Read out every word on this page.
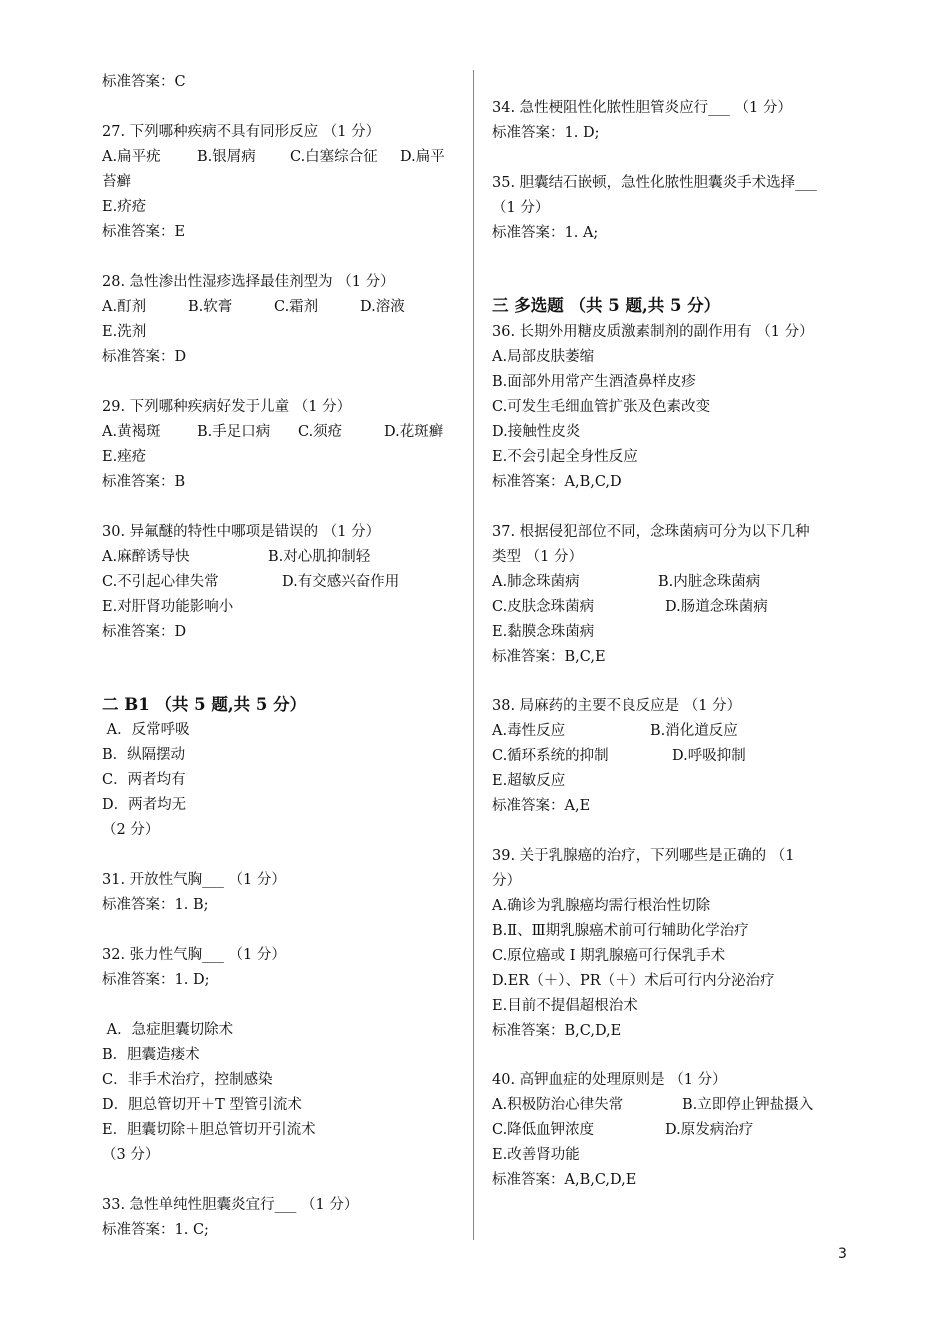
标准答案：C
27. 下列哪种疾病不具有同形反应 （1 分）
A.扁平疣	B.银屑病 C.白塞综合征 D.扁平
苔癣
E.疥疮
标准答案：E
28. 急性渗出性湿疹选择最佳剂型为 （1 分）
A.酊剂	B.软膏	C.霜剂	D.溶液
E.洗剂
标准答案：D
29. 下列哪种疾病好发于儿童 （1 分）
A.黄褐斑	B.手足口病 C.须疮	D.花斑癣
E.痤疮
标准答案：B
30. 异氟醚的特性中哪项是错误的 （1 分）
A.麻醉诱导快	B.对心肌抑制轻
C.不引起心律失常	D.有交感兴奋作用
E.对肝肾功能影响小
标准答案：D
二 B1 （共 5 题,共 5 分）
A．反常呼吸
B．纵隔摆动
C．两者均有
D．两者均无
（2 分）
31. 开放性气胸___ （1 分）
标准答案：1. B;
32. 张力性气胸___ （1 分）
标准答案：1. D;
A．急症胆囊切除术
B．胆囊造瘘术
C．非手术治疗，控制感染
D．胆总管切开＋T 型管引流术
E．胆囊切除＋胆总管切开引流术
（3 分）
33. 急性单纯性胆囊炎宜行___ （1 分）
标准答案：1. C;
34. 急性梗阻性化脓性胆管炎应行___ （1 分）
标准答案：1. D;
35. 胆囊结石嵌顿，急性化脓性胆囊炎手术选择___
（1 分）
标准答案：1. A;
三 多选题 （共 5 题,共 5 分）
36. 长期外用糖皮质激素制剂的副作用有 （1 分）
A.局部皮肤萎缩
B.面部外用常产生酒渣鼻样皮疹
C.可发生毛细血管扩张及色素改变
D.接触性皮炎
E.不会引起全身性反应
标准答案：A,B,C,D
37. 根据侵犯部位不同，念珠菌病可分为以下几种
类型 （1 分）
A.肺念珠菌病	B.内脏念珠菌病
C.皮肤念珠菌病	D.肠道念珠菌病
E.黏膜念珠菌病
标准答案：B,C,E
38. 局麻药的主要不良反应是 （1 分）
A.毒性反应	B.消化道反应
C.循环系统的抑制	D.呼吸抑制
E.超敏反应
标准答案：A,E
39. 关于乳腺癌的治疗，下列哪些是正确的 （1
分）
A.确诊为乳腺癌均需行根治性切除
B.Ⅱ、Ⅲ期乳腺癌术前可行辅助化学治疗
C.原位癌或 I 期乳腺癌可行保乳手术
D.ER（＋）、PR（＋）术后可行内分泌治疗
E.目前不提倡超根治术
标准答案：B,C,D,E
40. 高钾血症的处理原则是 （1 分）
A.积极防治心律失常	B.立即停止钾盐摄入
C.降低血钾浓度	D.原发病治疗
E.改善肾功能
标准答案：A,B,C,D,E
3
